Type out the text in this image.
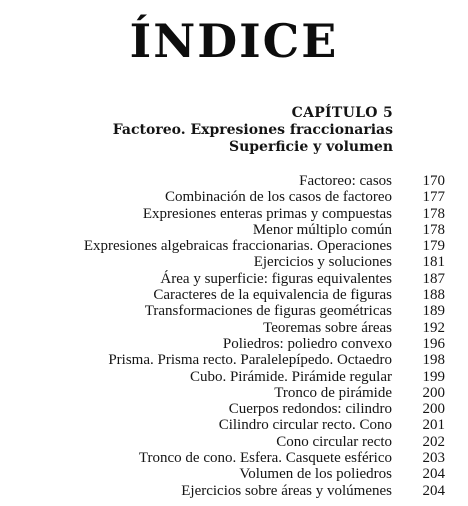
ÍNDICE
CAPÍTULO 5
Factoreo. Expresiones fraccionarias
Superficie y volumen
Factoreo: casos 170
Combinación de los casos de factoreo 177
Expresiones enteras primas y compuestas 178
Menor múltiplo común 178
Expresiones algebraicas fraccionarias. Operaciones 179
Ejercicios y soluciones 181
Área y superficie: figuras equivalentes 187
Caracteres de la equivalencia de figuras 188
Transformaciones de figuras geométricas 189
Teoremas sobre áreas 192
Poliedros: poliedro convexo 196
Prisma. Prisma recto. Paralelepípedo. Octaedro 198
Cubo. Pirámide. Pirámide regular 199
Tronco de pirámide 200
Cuerpos redondos: cilindro 200
Cilindro circular recto. Cono 201
Cono circular recto 202
Tronco de cono. Esfera. Casquete esférico 203
Volumen de los poliedros 204
Ejercicios sobre áreas y volúmenes 204
